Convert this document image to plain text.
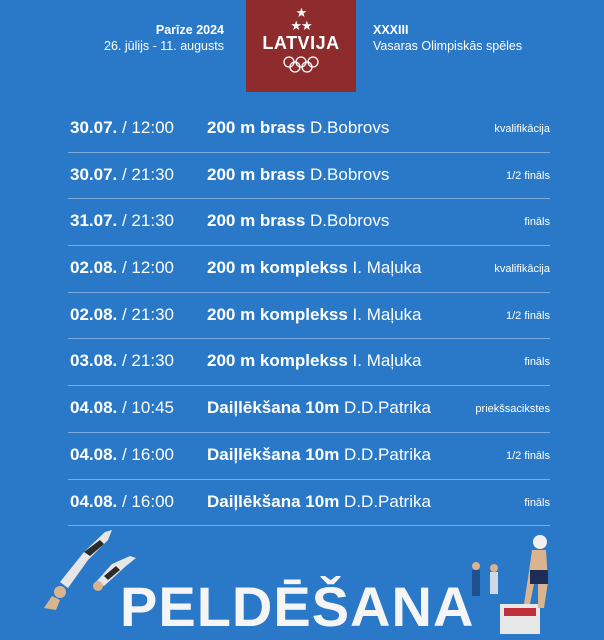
Parīze 2024
26. jūlijs - 11. augusts
★
★★
LATVIJA
XXXIII
Vasaras Olimpiskās spēles
30.07. / 12:00 200 m brass D.Bobrovs	kvalifikācija
30.07. / 21:30 200 m brass D.Bobrovs	1/2 fināls
31.07. / 21:30 200 m brass D.Bobrovs	fināls
02.08. / 12:00 200 m komplekss I. Maļuka	kvalifikācija
02.08. / 21:30 200 m komplekss I. Maļuka	1/2 fināls
03.08. / 21:30 200 m komplekss I. Maļuka	fināls
04.08. / 10:45 Daiļlēkšana 10m D.D.Patrika	priekšsacikstes
04.08. / 16:00 Daiļlēkšana 10m D.D.Patrika	1/2 fināls
04.08. / 16:00 Daiļlēkšana 10m D.D.Patrika	fināls
PELDĒŠANA
